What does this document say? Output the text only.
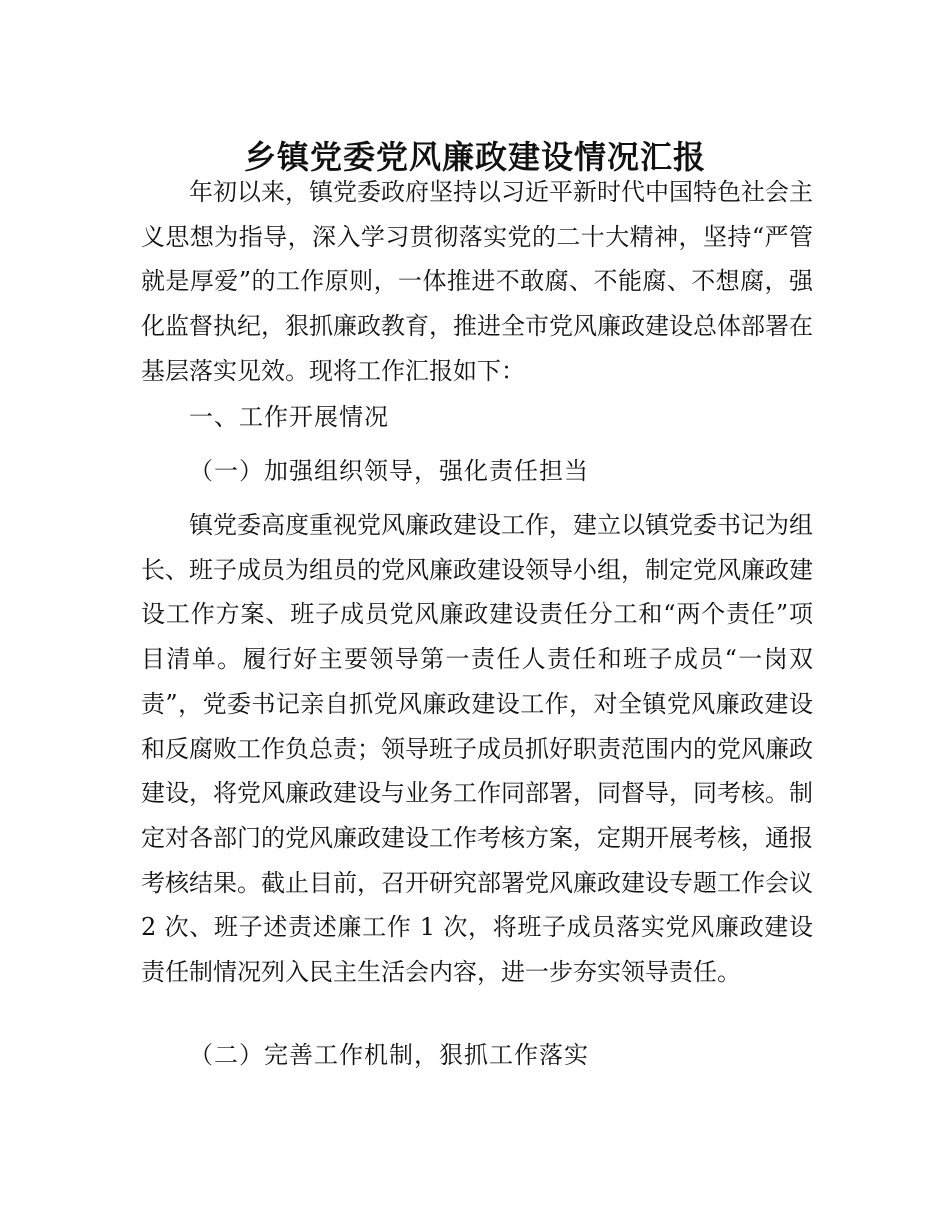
乡镇党委党风廉政建设情况汇报

年初以来，镇党委政府坚持以习近平新时代中国特色社会主义思想为指导，深入学习贯彻落实党的二十大精神，坚持“严管就是厚爱”的工作原则，一体推进不敢腐、不能腐、不想腐，强化监督执纪，狠抓廉政教育，推进全市党风廉政建设总体部署在基层落实见效。现将工作汇报如下：

一、工作开展情况

（一）加强组织领导，强化责任担当

镇党委高度重视党风廉政建设工作，建立以镇党委书记为组长、班子成员为组员的党风廉政建设领导小组，制定党风廉政建设工作方案、班子成员党风廉政建设责任分工和“两个责任”项目清单。履行好主要领导第一责任人责任和班子成员“一岗双责”，党委书记亲自抓党风廉政建设工作，对全镇党风廉政建设和反腐败工作负总责；领导班子成员抓好职责范围内的党风廉政建设，将党风廉政建设与业务工作同部署，同督导，同考核。制定对各部门的党风廉政建设工作考核方案，定期开展考核，通报考核结果。截止目前，召开研究部署党风廉政建设专题工作会议 2 次、班子述责述廉工作 1 次，将班子成员落实党风廉政建设责任制情况列入民主生活会内容，进一步夯实领导责任。

（二）完善工作机制，狠抓工作落实
